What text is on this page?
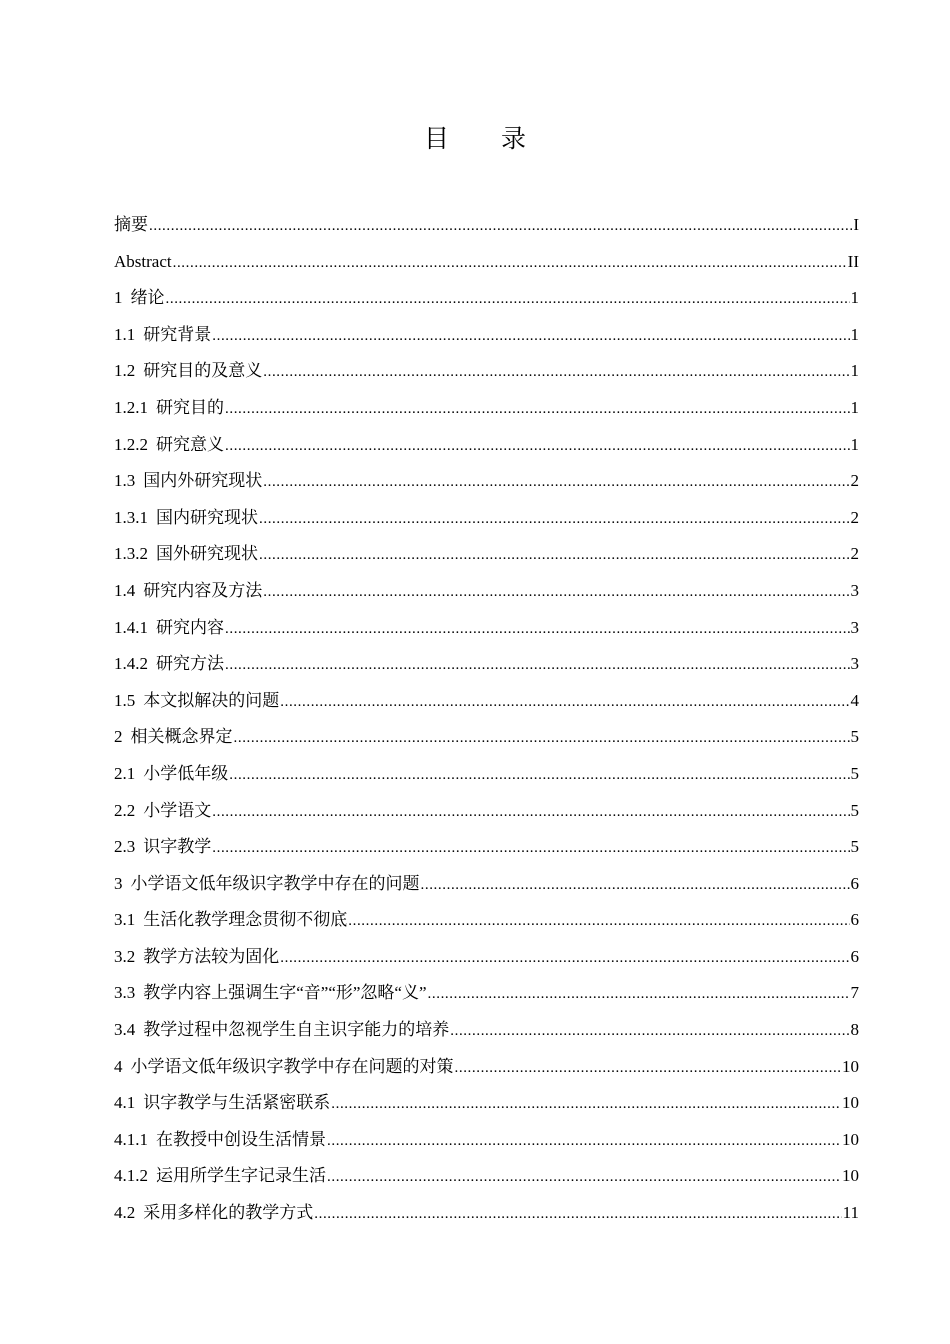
目 录
摘要 .....	I
Abstract .....	II
1 绪论 .....	1
1.1 研究背景 .....	1
1.2 研究目的及意义 .....	1
1.2.1 研究目的 .....	1
1.2.2 研究意义 .....	1
1.3 国内外研究现状 .....	2
1.3.1 国内研究现状 .....	2
1.3.2 国外研究现状 .....	2
1.4 研究内容及方法 .....	3
1.4.1 研究内容 .....	3
1.4.2 研究方法 .....	3
1.5 本文拟解决的问题 .....	4
2 相关概念界定 .....	5
2.1 小学低年级 .....	5
2.2 小学语文 .....	5
2.3 识字教学 .....	5
3 小学语文低年级识字教学中存在的问题 .....	6
3.1 生活化教学理念贯彻不彻底 .....	6
3.2 教学方法较为固化 .....	6
3.3 教学内容上强调生字“音”“形”忽略“义” .....	7
3.4 教学过程中忽视学生自主识字能力的培养 .....	8
4 小学语文低年级识字教学中存在问题的对策 .....	10
4.1 识字教学与生活紧密联系 .....	10
4.1.1 在教授中创设生活情景 .....	10
4.1.2 运用所学生字记录生活 .....	10
4.2 采用多样化的教学方式 .....	11
